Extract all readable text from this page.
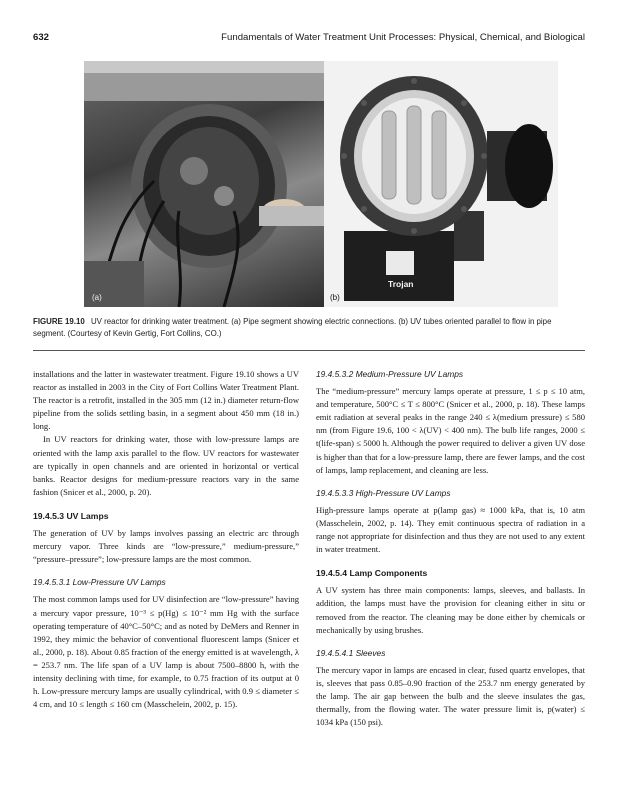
632	Fundamentals of Water Treatment Unit Processes: Physical, Chemical, and Biological
(a)
Trojan
(b)
FIGURE 19.10 UV reactor for drinking water treatment. (a) Pipe segment showing electric connections. (b) UV tubes oriented parallel to flow in pipe segment. (Courtesy of Kevin Gertig, Fort Collins, CO.)

installations and the latter in wastewater treatment. Figure 19.10 shows a UV reactor as installed in 2003 in the City of Fort Collins Water Treatment Plant. The reactor is a retrofit, installed in the 305 mm (12 in.) diameter return-flow pipeline from the solids settling basin, in a segment about 450 mm (18 in.) long.

In UV reactors for drinking water, those with low-pressure lamps are oriented with the lamp axis parallel to the flow. UV reactors for wastewater are typically in open channels and are oriented in horizontal or vertical banks. Reactor designs for medium-pressure reactors vary in the same fashion (Snicer et al., 2000, p. 20).

19.4.5.3 UV Lamps

The generation of UV by lamps involves passing an electric arc through mercury vapor. Three kinds are “low-pressure,” medium-pressure,” “pressure–pressure”; low-pressure lamps are the most common.

19.4.5.3.1 Low-Pressure UV Lamps

The most common lamps used for UV disinfection are “low-pressure” having a mercury vapor pressure, 10⁻³ ≤ p(Hg) ≤ 10⁻² mm Hg with the surface operating temperature of 40°C–50°C; and as noted by DeMers and Renner in 1992, they mimic the behavior of conventional fluorescent lamps (Snicer et al., 2000, p. 18). About 0.85 fraction of the energy emitted is at wavelength, λ = 253.7 nm. The life span of a UV lamp is about 7500–8800 h, with the intensity declining with time, for example, to 0.75 fraction of its output at 0 h. Low-pressure mercury lamps are usually cylindrical, with 0.9 ≤ diameter ≤ 4 cm, and 10 ≤ length ≤ 160 cm (Masschelein, 2002, p. 15).

19.4.5.3.2 Medium-Pressure UV Lamps

The “medium-pressure” mercury lamps operate at pressure, 1 ≤ p ≤ 10 atm, and temperature, 500°C ≤ T ≤ 800°C (Snicer et al., 2000, p. 18). These lamps emit radiation at several peaks in the range 240 ≤ λ(medium pressure) ≤ 580 nm (from Figure 19.6, 100 < λ(UV) < 400 nm). The bulb life ranges, 2000 ≤ t(life-span) ≤ 5000 h. Although the power required to deliver a given UV dose is higher than that for a low-pressure lamp, there are fewer lamps, and the cost of lamps, lamp replacement, and cleaning are less.

19.4.5.3.3 High-Pressure UV Lamps

High-pressure lamps operate at p(lamp gas) ≈ 1000 kPa, that is, 10 atm (Masschelein, 2002, p. 14). They emit continuous spectra of radiation in a range not appropriate for disinfection and thus they are not used to any extent in water treatment.

19.4.5.4 Lamp Components

A UV system has three main components: lamps, sleeves, and ballasts. In addition, the lamps must have the provision for cleaning either in situ or removed from the reactor. The cleaning may be done either by chemicals or mechanically by using brushes.

19.4.5.4.1 Sleeves

The mercury vapor in lamps are encased in clear, fused quartz envelopes, that is, sleeves that pass 0.85–0.90 fraction of the 253.7 nm energy generated by the lamp. The air gap between the bulb and the sleeve insulates the gas, thermally, from the flowing water. The water pressure limit is, p(water) ≤ 1034 kPa (150 psi).
